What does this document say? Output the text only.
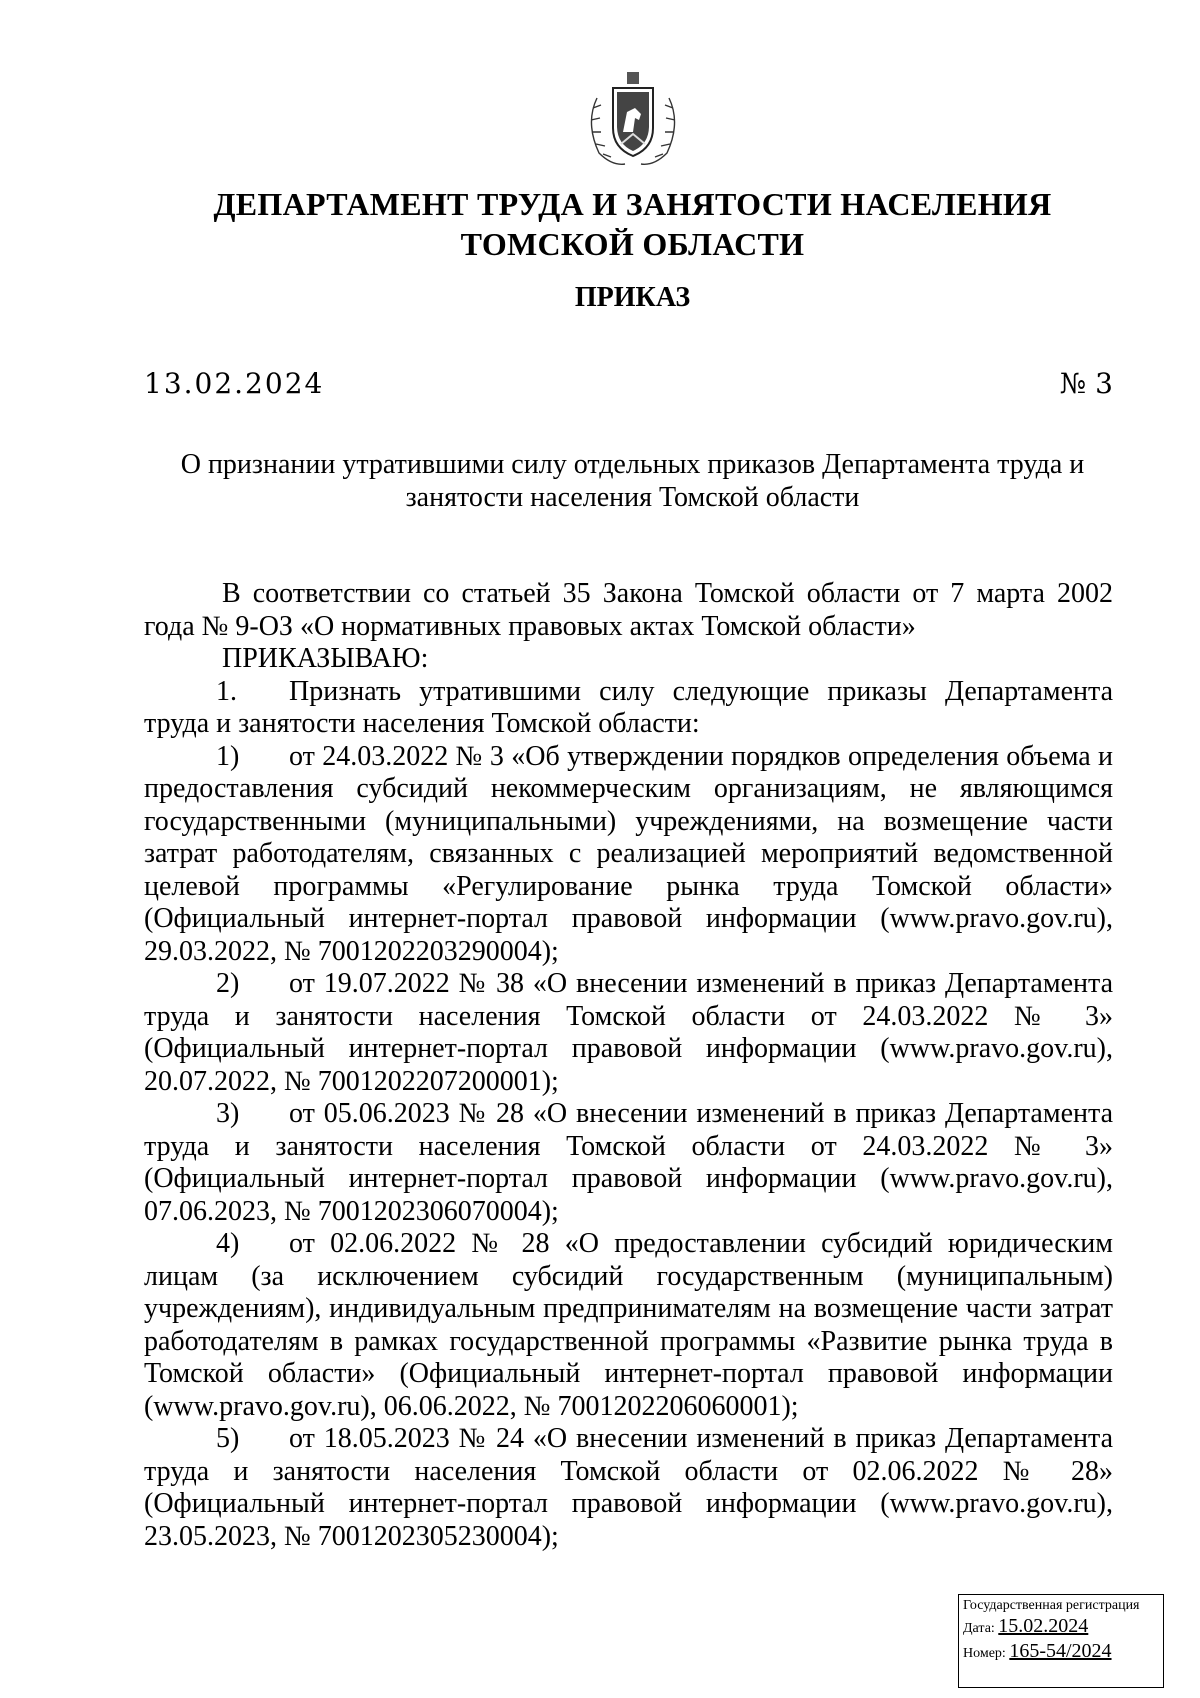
ДЕПАРТАМЕНТ ТРУДА И ЗАНЯТОСТИ НАСЕЛЕНИЯ
ТОМСКОЙ ОБЛАСТИ
ПРИКАЗ
13.02.2024	№ 3
О признании утратившими силу отдельных приказов Департамента труда и
занятости населения Томской области

В соответствии со статьей 35 Закона Томской области от 7 марта 2002 года № 9-ОЗ «О нормативных правовых актах Томской области»

ПРИКАЗЫВАЮ:

1. Признать утратившими силу следующие приказы Департамента труда и занятости населения Томской области:

1) от 24.03.2022 № 3 «Об утверждении порядков определения объема и предоставления субсидий некоммерческим организациям, не являющимся государственными (муниципальными) учреждениями, на возмещение части затрат работодателям, связанных с реализацией мероприятий ведомственной целевой программы «Регулирование рынка труда Томской области» (Официальный интернет-портал правовой информации (www.pravo.gov.ru), 29.03.2022, № 7001202203290004);

2) от 19.07.2022 № 38 «О внесении изменений в приказ Департамента труда и занятости населения Томской области от 24.03.2022 № 3» (Официальный интернет-портал правовой информации (www.pravo.gov.ru), 20.07.2022, № 7001202207200001);

3) от 05.06.2023 № 28 «О внесении изменений в приказ Департамента труда и занятости населения Томской области от 24.03.2022 № 3» (Официальный интернет-портал правовой информации (www.pravo.gov.ru), 07.06.2023, № 7001202306070004);

4) от 02.06.2022 № 28 «О предоставлении субсидий юридическим лицам (за исключением субсидий государственным (муниципальным) учреждениям), индивидуальным предпринимателям на возмещение части затрат работодателям в рамках государственной программы «Развитие рынка труда в Томской области» (Официальный интернет-портал правовой информации (www.pravo.gov.ru), 06.06.2022, № 7001202206060001);

5) от 18.05.2023 № 24 «О внесении изменений в приказ Департамента труда и занятости населения Томской области от 02.06.2022 № 28» (Официальный интернет-портал правовой информации (www.pravo.gov.ru), 23.05.2023, № 7001202305230004);

Государственная регистрация
Дата: 15.02.2024
Номер: 165-54/2024
